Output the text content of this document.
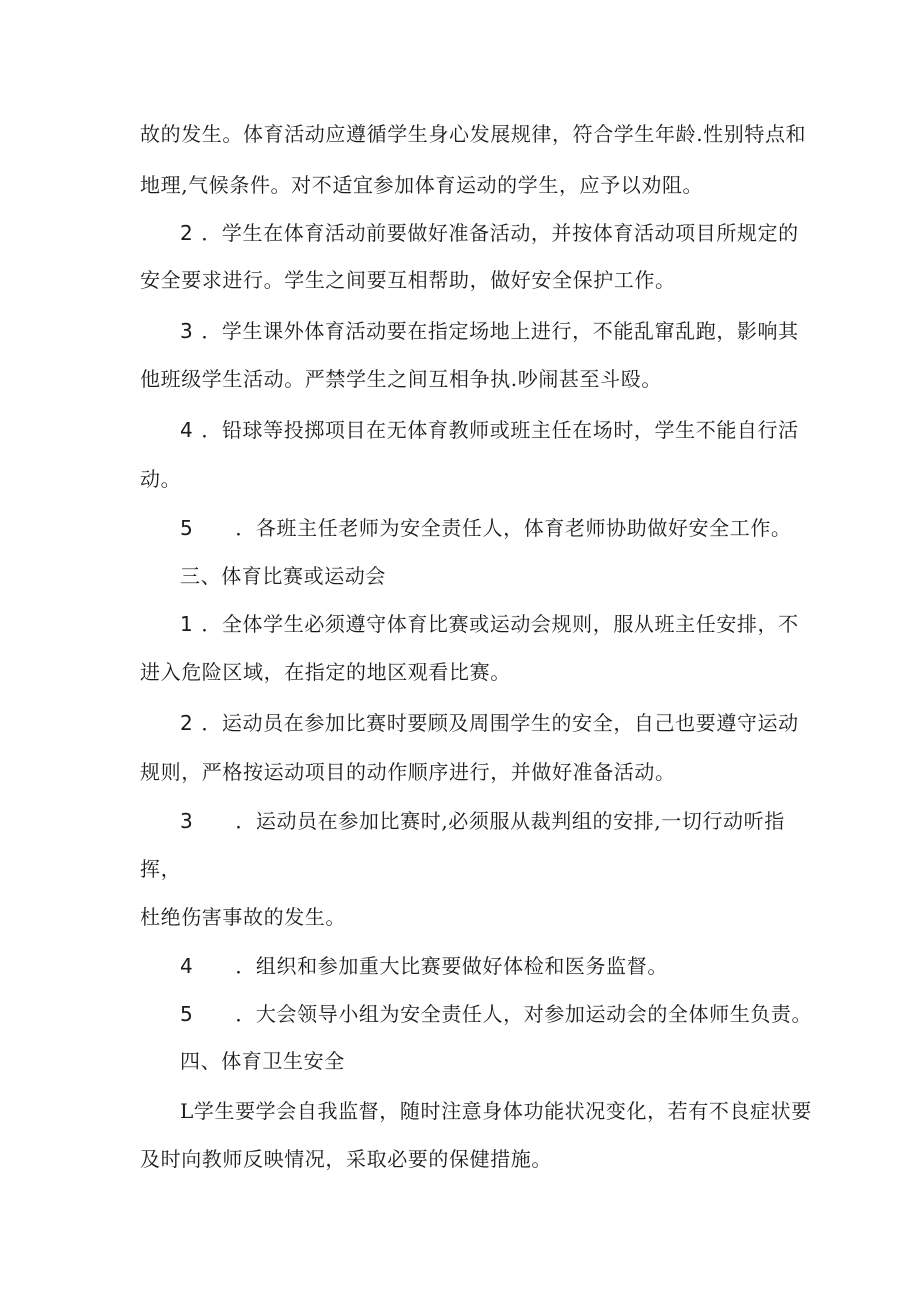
故的发生。体育活动应遵循学生身心发展规律，符合学生年龄.性别特点和
地理,气候条件。对不适宜参加体育运动的学生，应予以劝阻。
2 ．学生在体育活动前要做好准备活动，并按体育活动项目所规定的
安全要求进行。学生之间要互相帮助，做好安全保护工作。
3 ．学生课外体育活动要在指定场地上进行，不能乱窜乱跑，影响其
他班级学生活动。严禁学生之间互相争执.吵闹甚至斗殴。
4 ．铅球等投掷项目在无体育教师或班主任在场时，学生不能自行活
动。
5 ．各班主任老师为安全责任人，体育老师协助做好安全工作。
三、体育比赛或运动会
1 ．全体学生必须遵守体育比赛或运动会规则，服从班主任安排，不
进入危险区域，在指定的地区观看比赛。
2 ．运动员在参加比赛时要顾及周围学生的安全，自己也要遵守运动
规则，严格按运动项目的动作顺序进行，并做好准备活动。
3 ．运动员在参加比赛时,必须服从裁判组的安排,一切行动听指
挥，
杜绝伤害事故的发生。
4 ．组织和参加重大比赛要做好体检和医务监督。
5 ．大会领导小组为安全责任人，对参加运动会的全体师生负责。
四、体育卫生安全
L学生要学会自我监督，随时注意身体功能状况变化，若有不良症状要
及时向教师反映情况，采取必要的保健措施。
